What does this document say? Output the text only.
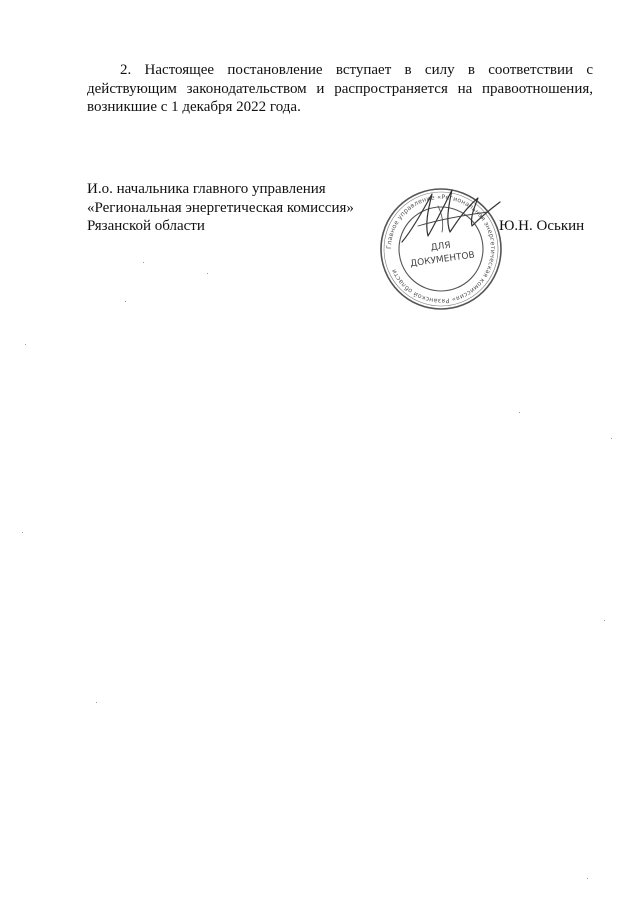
2. Настоящее постановление вступает в силу в соответствии с действующим законодательством и распространяется на правоотношения, возникшие с 1 декабря 2022 года.

И.о. начальника главного управления
«Региональная энергетическая комиссия»
Рязанской области
Главное управление «Региональная энергетическая комиссия» Рязанской области
ДЛЯ
ДОКУМЕНТОВ
Ю.Н. Оськин
